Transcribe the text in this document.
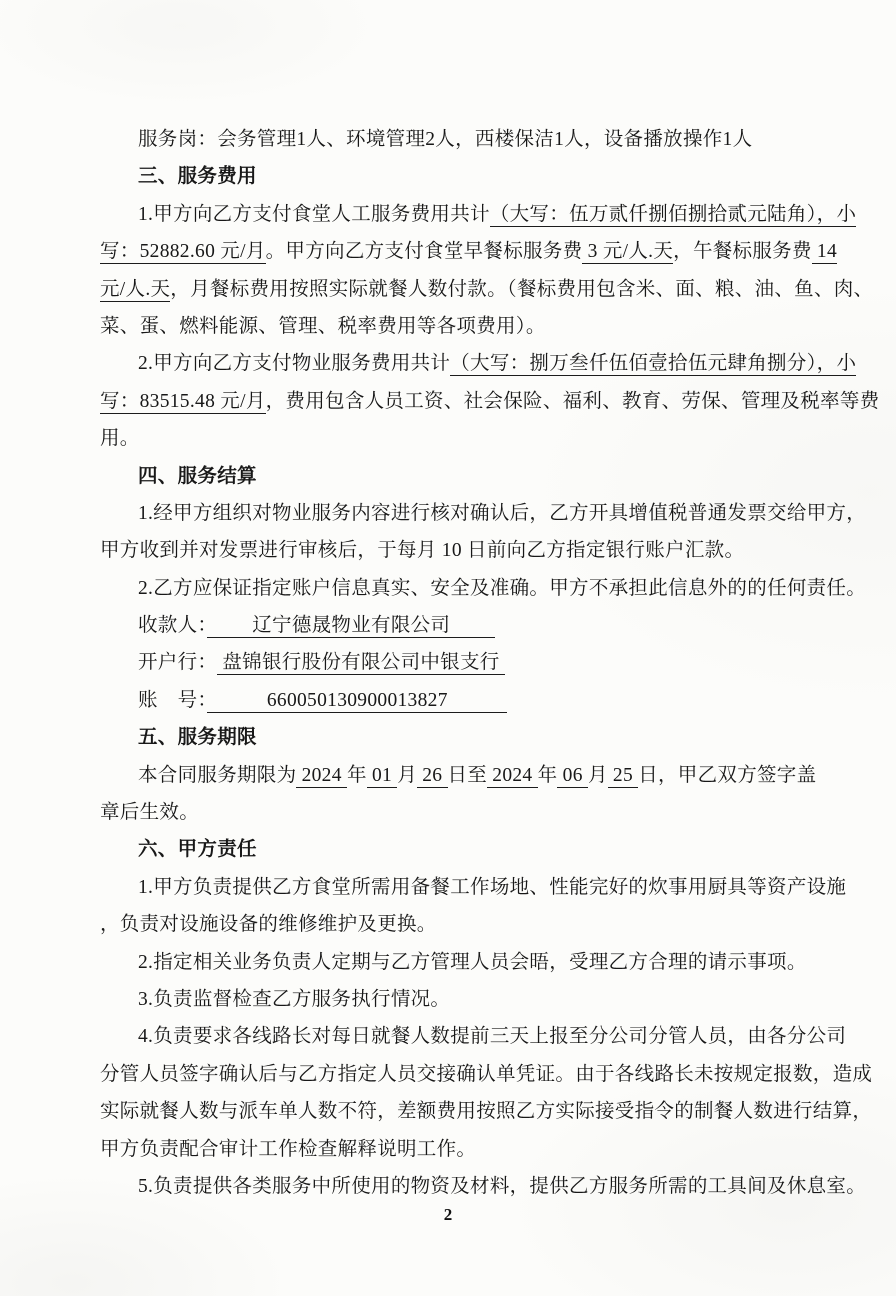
服务岗：会务管理1人、环境管理2人，西楼保洁1人，设备播放操作1人
三、服务费用
1.甲方向乙方支付食堂人工服务费用共计（大写：伍万贰仟捌佰捌拾贰元陆角），小
写：52882.60 元/月。甲方向乙方支付食堂早餐标服务费 3 元/人.天，午餐标服务费 14
元/人.天，月餐标费用按照实际就餐人数付款。（餐标费用包含米、面、粮、油、鱼、肉、
菜、蛋、燃料能源、管理、税率费用等各项费用）。
2.甲方向乙方支付物业服务费用共计（大写：捌万叁仟伍佰壹拾伍元肆角捌分），小
写：83515.48 元/月，费用包含人员工资、社会保险、福利、教育、劳保、管理及税率等费
用。
四、服务结算
1.经甲方组织对物业服务内容进行核对确认后，乙方开具增值税普通发票交给甲方，
甲方收到并对发票进行审核后，于每月 10 日前向乙方指定银行账户汇款。
2.乙方应保证指定账户信息真实、安全及准确。甲方不承担此信息外的的任何责任。
收款人：　　 辽宁德晟物业有限公司　　
开户行： 盘锦银行股份有限公司中银支行
账　号：　　　660050130900013827　　　
五、服务期限
本合同服务期限为 2024 年 01 月 26 日至 2024 年 06 月 25 日，甲乙双方签字盖
章后生效。
六、甲方责任
1.甲方负责提供乙方食堂所需用备餐工作场地、性能完好的炊事用厨具等资产设施
，负责对设施设备的维修维护及更换。
2.指定相关业务负责人定期与乙方管理人员会晤，受理乙方合理的请示事项。
3.负责监督检查乙方服务执行情况。
4.负责要求各线路长对每日就餐人数提前三天上报至分公司分管人员，由各分公司
分管人员签字确认后与乙方指定人员交接确认单凭证。由于各线路长未按规定报数，造成
实际就餐人数与派车单人数不符，差额费用按照乙方实际接受指令的制餐人数进行结算，
甲方负责配合审计工作检查解释说明工作。
5.负责提供各类服务中所使用的物资及材料，提供乙方服务所需的工具间及休息室。
2
